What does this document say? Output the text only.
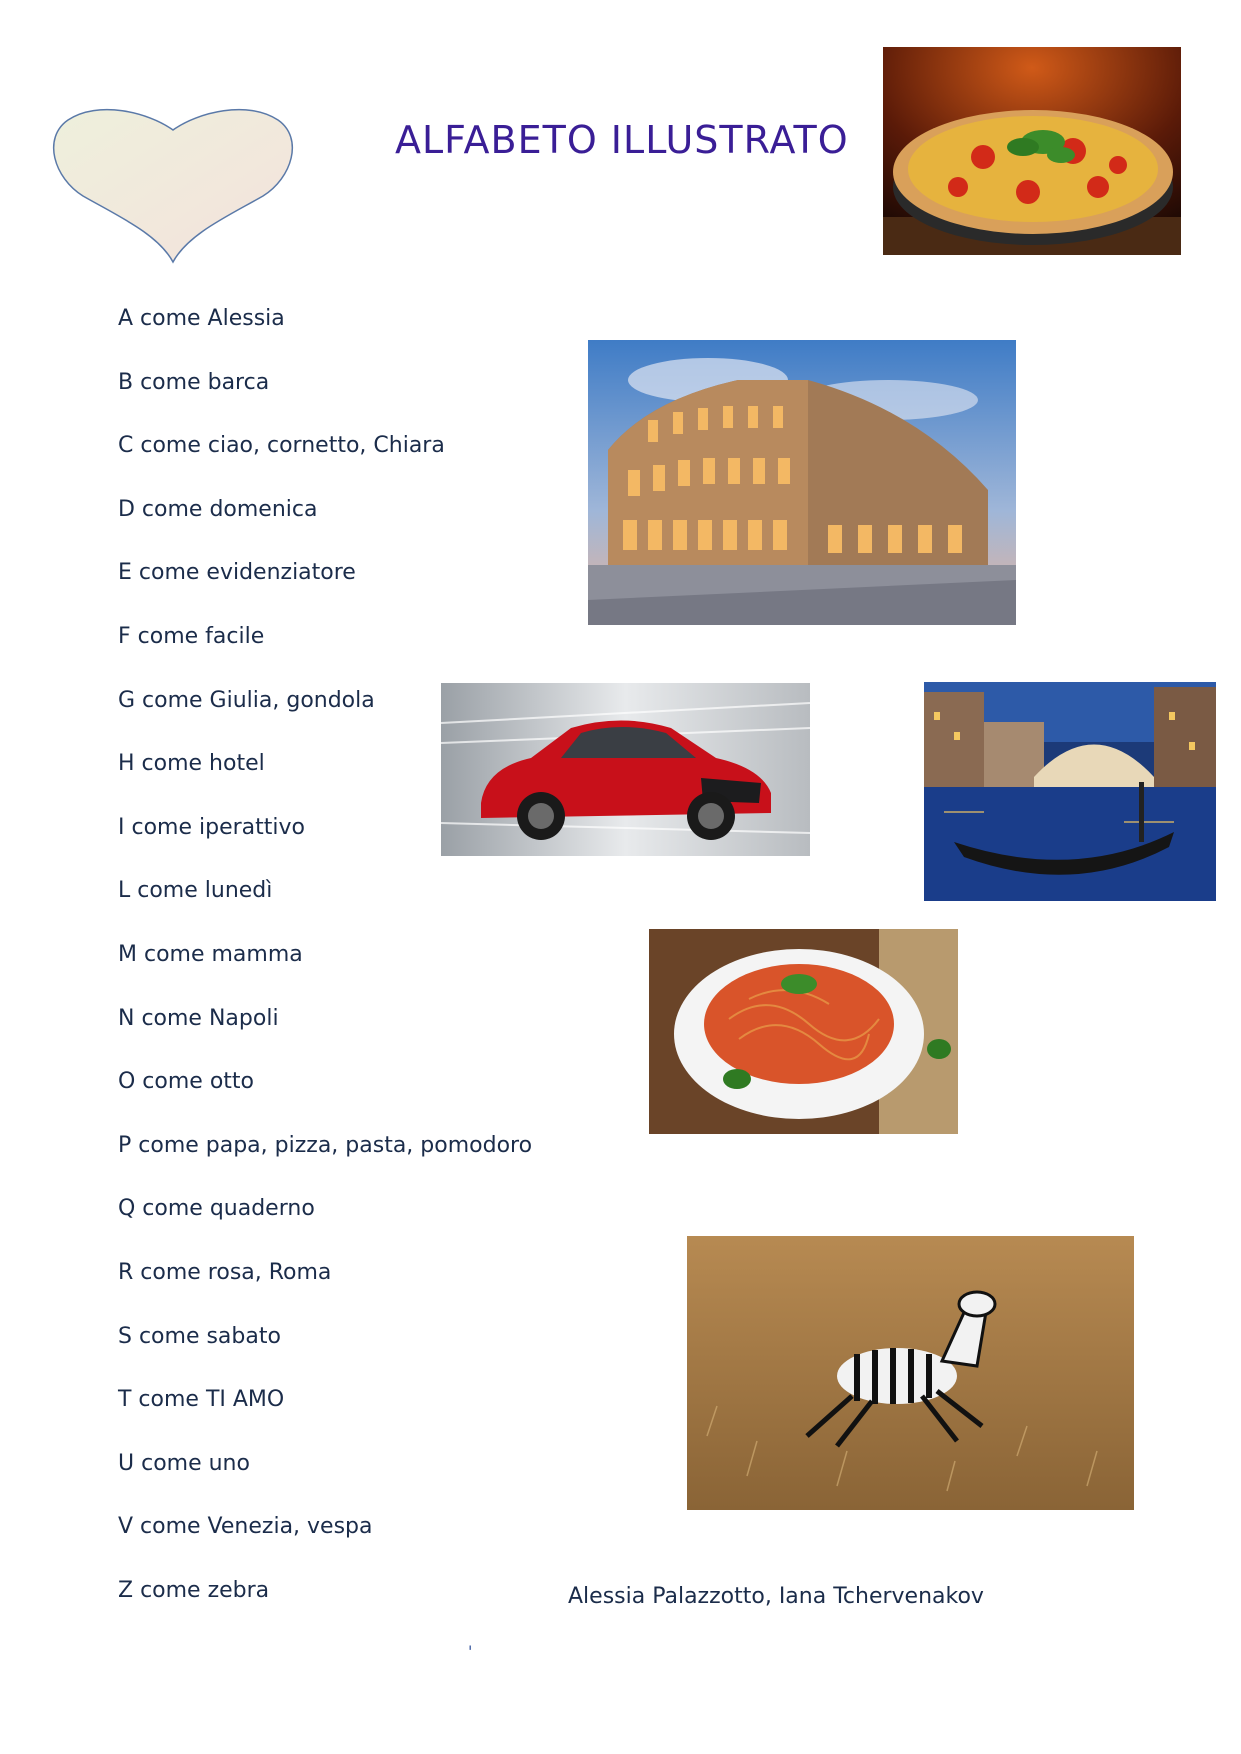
ALFABETO ILLUSTRATO
A come Alessia
B come barca
C come ciao, cornetto, Chiara
D come domenica
E come evidenziatore
F come facile
G come Giulia, gondola
H come hotel
I come iperattivo
L come lunedì
M come mamma
N come Napoli
O come otto
P come papa, pizza, pasta, pomodoro
Q come quaderno
R come rosa, Roma
S come sabato
T come TI AMO
U come uno
V come Venezia, vespa
Z come zebra	Alessia Palazzotto, Iana Tchervenakov
'
